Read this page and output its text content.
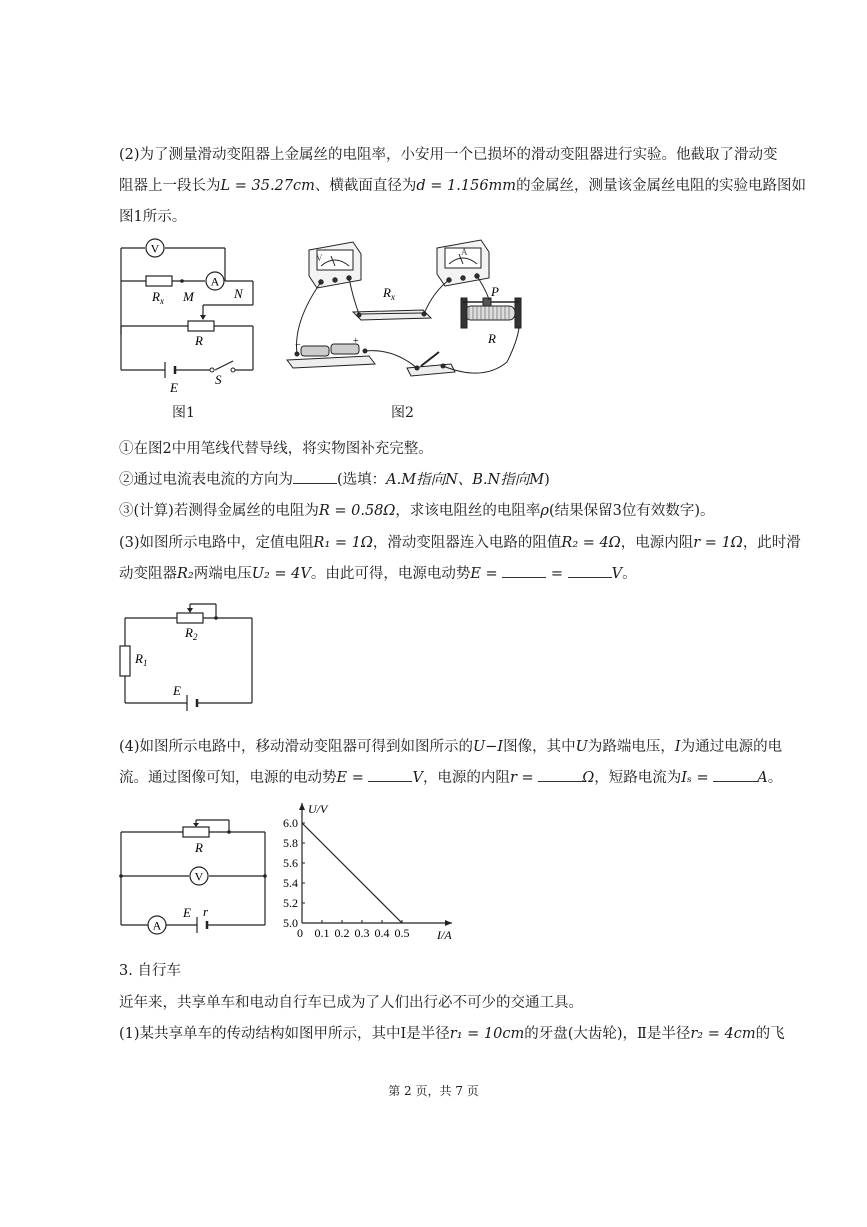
(2)为了测量滑动变阻器上金属丝的电阻率，小安用一个已损坏的滑动变阻器进行实验。他截取了滑动变
阻器上一段长为L = 35.27cm、横截面直径为d = 1.156mm的金属丝，测量该金属丝电阻的实验电路图如
图1所示。
V
A
$R_x$ M	N
R
E
S
图1
V
A
$R_x$	P
R
−	+
图2
①在图2中用笔线代替导线，将实物图补充完整。
②通过电流表电流的方向为	(选填：A.M指向N、B.N指向M)
③(计算)若测得金属丝的电阻为R = 0.58Ω，求该电阻丝的电阻率ρ(结果保留3位有效数字)。
(3)如图所示电路中，定值电阻R₁ = 1Ω，滑动变阻器连入电路的阻值R₂ = 4Ω，电源内阻r = 1Ω，此时滑
动变阻器R₂两端电压U₂ = 4V。由此可得，电源电动势E =	=	V。
$R_2$
$R_1$
E
(4)如图所示电路中，移动滑动变阻器可得到如图所示的U−I图像，其中U为路端电压，I为通过电源的电
流。通过图像可知，电源的电动势E =	V，电源的内阻r =	Ω，短路电流为Iₛ =	A。
V
A
R
E r
0 0.1 0.2 0.3 0.4 0.5
5.0
5.2
5.4
5.6
5.8
6.0
U/V
I/A
3. 自行车
近年来，共享单车和电动自行车已成为了人们出行必不可少的交通工具。
(1)某共享单车的传动结构如图甲所示，其中Ⅰ是半径r₁ = 10cm的牙盘(大齿轮)，Ⅱ是半径r₂ = 4cm的飞
第 2 页，共 7 页
